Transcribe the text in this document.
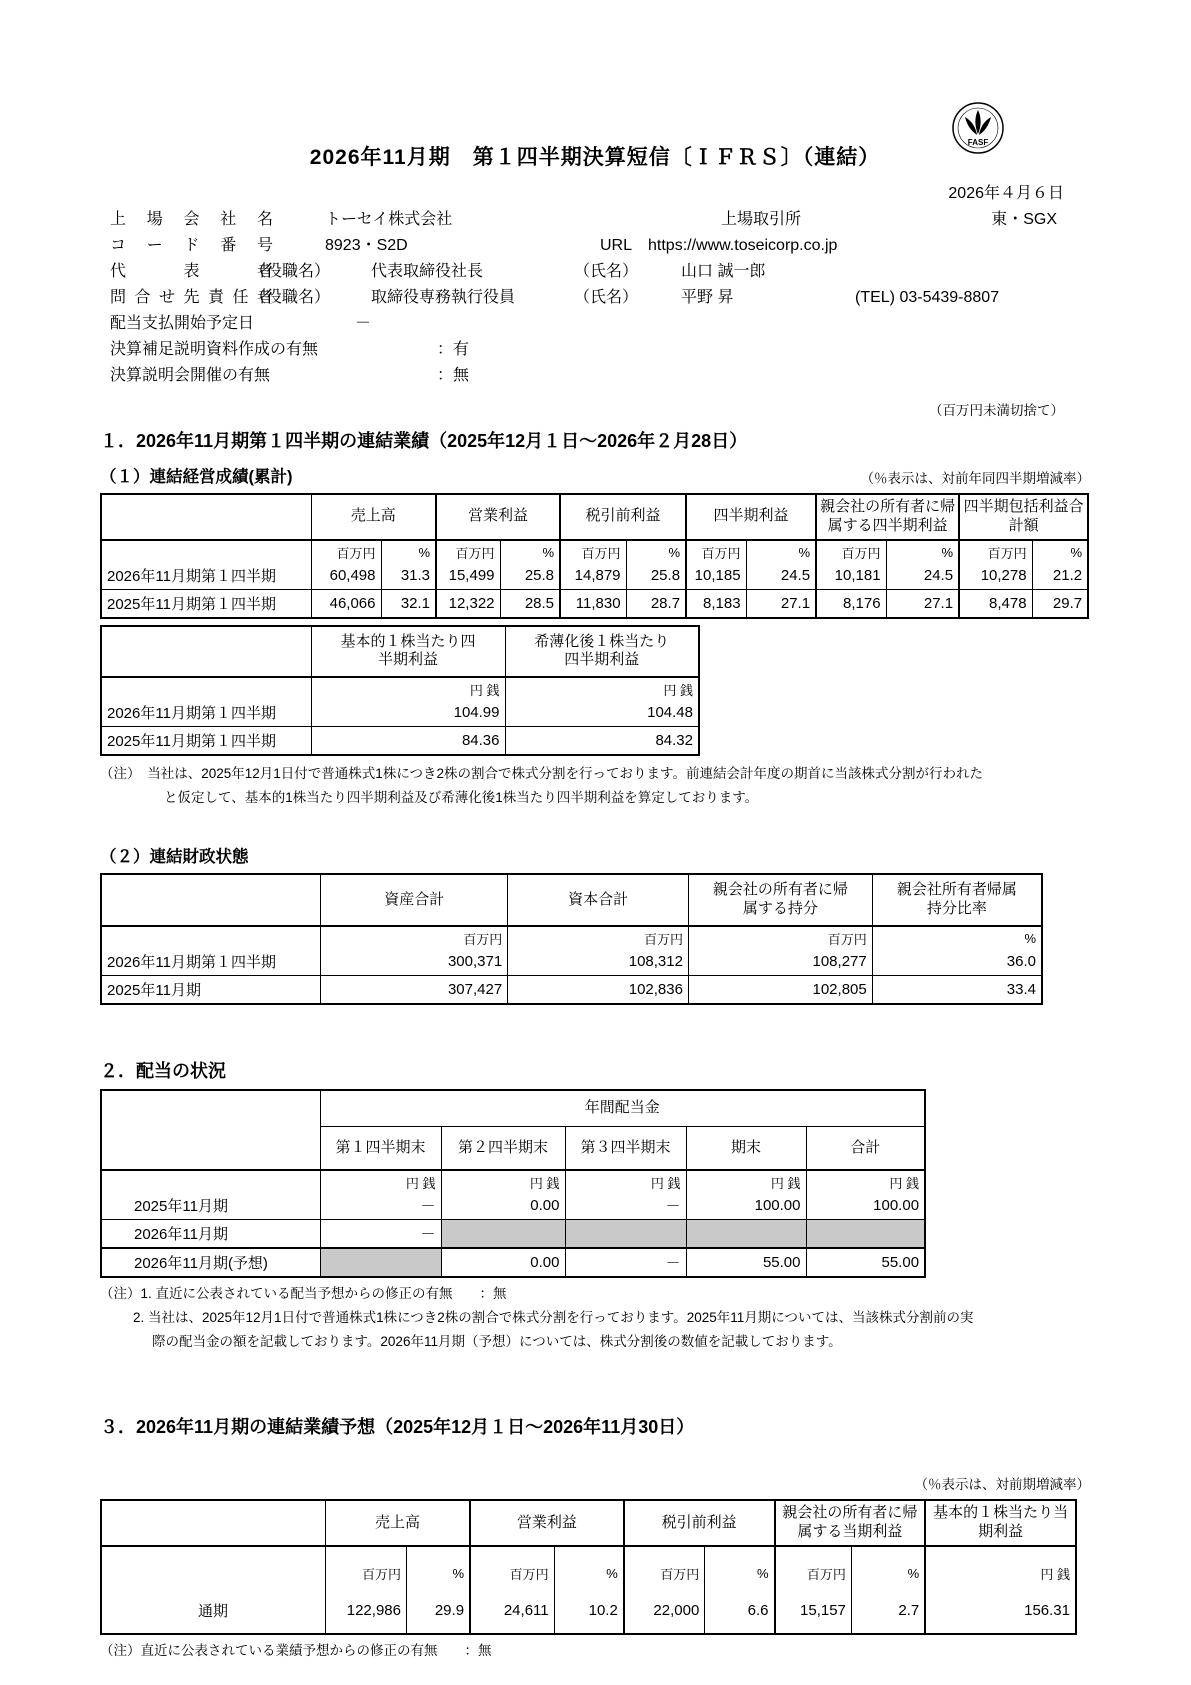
FASF
2026年11月期　第１四半期決算短信〔ＩＦＲＳ〕（連結）
2026年４月６日
上場会社名	トーセイ株式会社	上場取引所	東・SGX
コード番号	8923・S2D	URL https://www.toseicorp.co.jp
代表者
（役職名）	代表取締役社長	（氏名）	山口 誠一郎
問合せ先責任者
（役職名）	取締役専務執行役員	（氏名）	平野 昇	(TEL) 03-5439-8807
配当支払開始予定日	－
決算補足説明資料作成の有無	：有
決算説明会開催の有無	：無
（百万円未満切捨て）
１．2026年11月期第１四半期の連結業績（2025年12月１日～2026年２月28日）
（１）連結経営成績(累計)	（％表示は、対前年同四半期増減率）
	売上高		営業利益		税引前利益		四半期利益		親会社の所有者に帰属する四半期利益		四半期包括利益合計額	
	百万円	%	百万円	%	百万円	%	百万円	%	百万円	%	百万円	%
2026年11月期第１四半期	60,498	31.3	15,499	25.8	14,879	25.8	10,185	24.5	10,181	24.5	10,278	21.2
2025年11月期第１四半期	46,066	32.1	12,322	28.5	11,830	28.7	8,183	27.1	8,176	27.1	8,478	29.7
	基本的１株当たり四半期利益	希薄化後１株当たり四半期利益
	円 銭	円 銭
2026年11月期第１四半期	104.99	104.48
2025年11月期第１四半期	84.36	84.32
（注）　当社は、2025年12月1日付で普通株式1株につき2株の割合で株式分割を行っております。前連結会計年度の期首に当該株式分割が行われた
と仮定して、基本的1株当たり四半期利益及び希薄化後1株当たり四半期利益を算定しております。
（２）連結財政状態
	資産合計	資本合計	親会社の所有者に帰属する持分	親会社所有者帰属持分比率
	百万円	百万円	百万円	%
2026年11月期第１四半期	300,371	108,312	108,277	36.0
2025年11月期	307,427	102,836	102,805	33.4
２．配当の状況
	年間配当金				
	第１四半期末	第２四半期末	第３四半期末	期末	合計
	円 銭	円 銭	円 銭	円 銭	円 銭
2025年11月期	－	0.00	－	100.00	100.00
2026年11月期	－				
2026年11月期(予想)		0.00	－	55.00	55.00
（注）1. 直近に公表されている配当予想からの修正の有無　　：無
2. 当社は、2025年12月1日付で普通株式1株につき2株の割合で株式分割を行っております。2025年11月期については、当該株式分割前の実
際の配当金の額を記載しております。2026年11月期（予想）については、株式分割後の数値を記載しております。
３．2026年11月期の連結業績予想（2025年12月１日～2026年11月30日）
（％表示は、対前期増減率）
	売上高		営業利益		税引前利益		親会社の所有者に帰属する当期利益		基本的１株当たり当期利益
	百万円	%	百万円	%	百万円	%	百万円	%	円 銭
通期	122,986	29.9	24,611	10.2	22,000	6.6	15,157	2.7	156.31
（注）直近に公表されている業績予想からの修正の有無　　：無
